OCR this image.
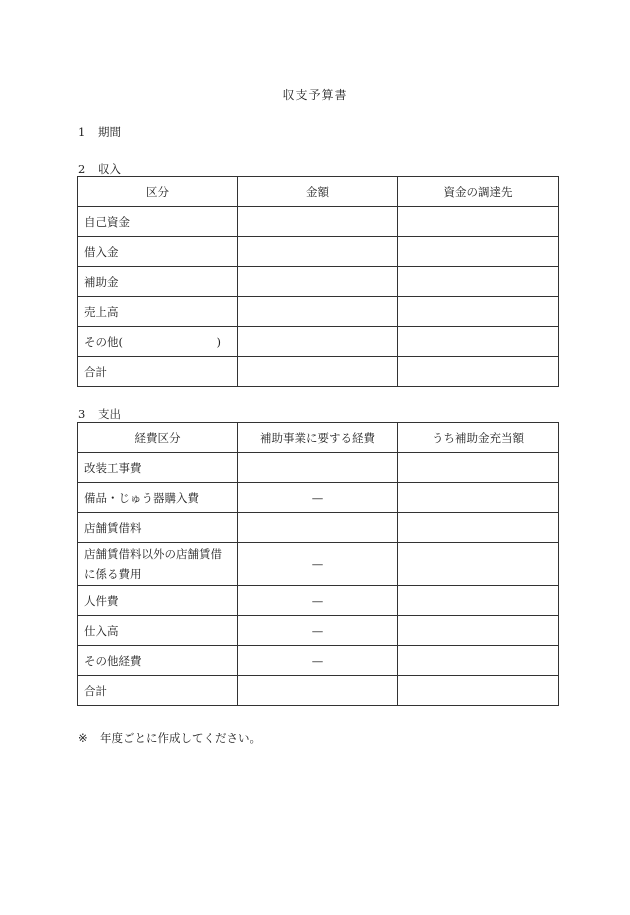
収支予算書
1 期間
2 収入
区分	金額	資金の調達先
自己資金		
借入金		
補助金		
売上高		

その他( )		

合計		
3 支出
経費区分	補助事業に要する経費	うち補助金充当額
改装工事費		
備品・じゅう器購入費	—	
店舗賃借料		
店舗賃借料以外の店舗賃借に係る費用	—	
人件費	—	
仕入高	—	
その他経費	—	
合計		
※ 年度ごとに作成してください。
